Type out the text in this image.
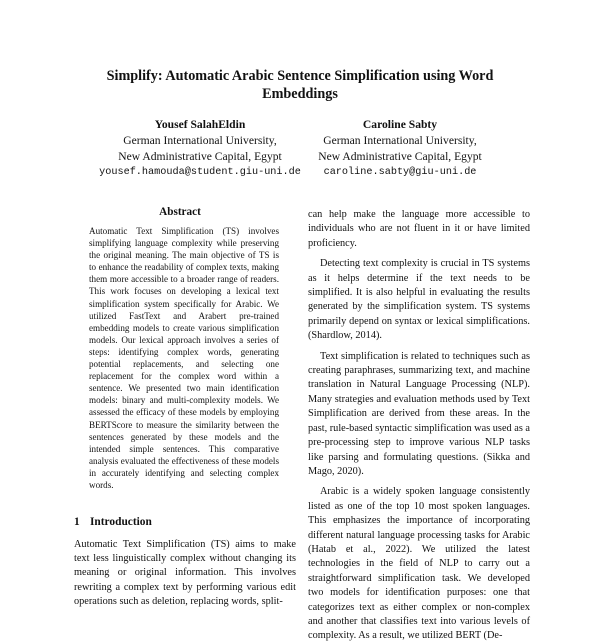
Simplify: Automatic Arabic Sentence Simplification using Word Embeddings
Yousef SalahEldin
German International University,
New Administrative Capital, Egypt
yousef.hamouda@student.giu-uni.de
Caroline Sabty
German International University,
New Administrative Capital, Egypt
caroline.sabty@giu-uni.de
Abstract
Automatic Text Simplification (TS) involves simplifying language complexity while preserving the original meaning. The main objective of TS is to enhance the readability of complex texts, making them more accessible to a broader range of readers. This work focuses on developing a lexical text simplification system specifically for Arabic. We utilized FastText and Arabert pre-trained embedding models to create various simplification models. Our lexical approach involves a series of steps: identifying complex words, generating potential replacements, and selecting one replacement for the complex word within a sentence. We presented two main identification models: binary and multi-complexity models. We assessed the efficacy of these models by employing BERTScore to measure the similarity between the sentences generated by these models and the intended simple sentences. This comparative analysis evaluated the effectiveness of these models in accurately identifying and selecting complex words.
1 Introduction
Automatic Text Simplification (TS) aims to make text less linguistically complex without changing its meaning or original information. This involves rewriting a complex text by performing various edit operations such as deletion, replacing words, split-

can help make the language more accessible to individuals who are not fluent in it or have limited proficiency.

Detecting text complexity is crucial in TS systems as it helps determine if the text needs to be simplified. It is also helpful in evaluating the results generated by the simplification system. TS systems primarily depend on syntax or lexical simplifications. (Shardlow, 2014).

Text simplification is related to techniques such as creating paraphrases, summarizing text, and machine translation in Natural Language Processing (NLP). Many strategies and evaluation methods used by Text Simplification are derived from these areas. In the past, rule-based syntactic simplification was used as a pre-processing step to improve various NLP tasks like parsing and formulating questions. (Sikka and Mago, 2020).

Arabic is a widely spoken language consistently listed as one of the top 10 most spoken languages. This emphasizes the importance of incorporating different natural language processing tasks for Arabic (Hatab et al., 2022). We utilized the latest technologies in the field of NLP to carry out a straightforward simplification task. We developed two models for identification purposes: one that categorizes text as either complex or non-complex and another that classifies text into various levels of complexity. As a result, we utilized BERT (De-
